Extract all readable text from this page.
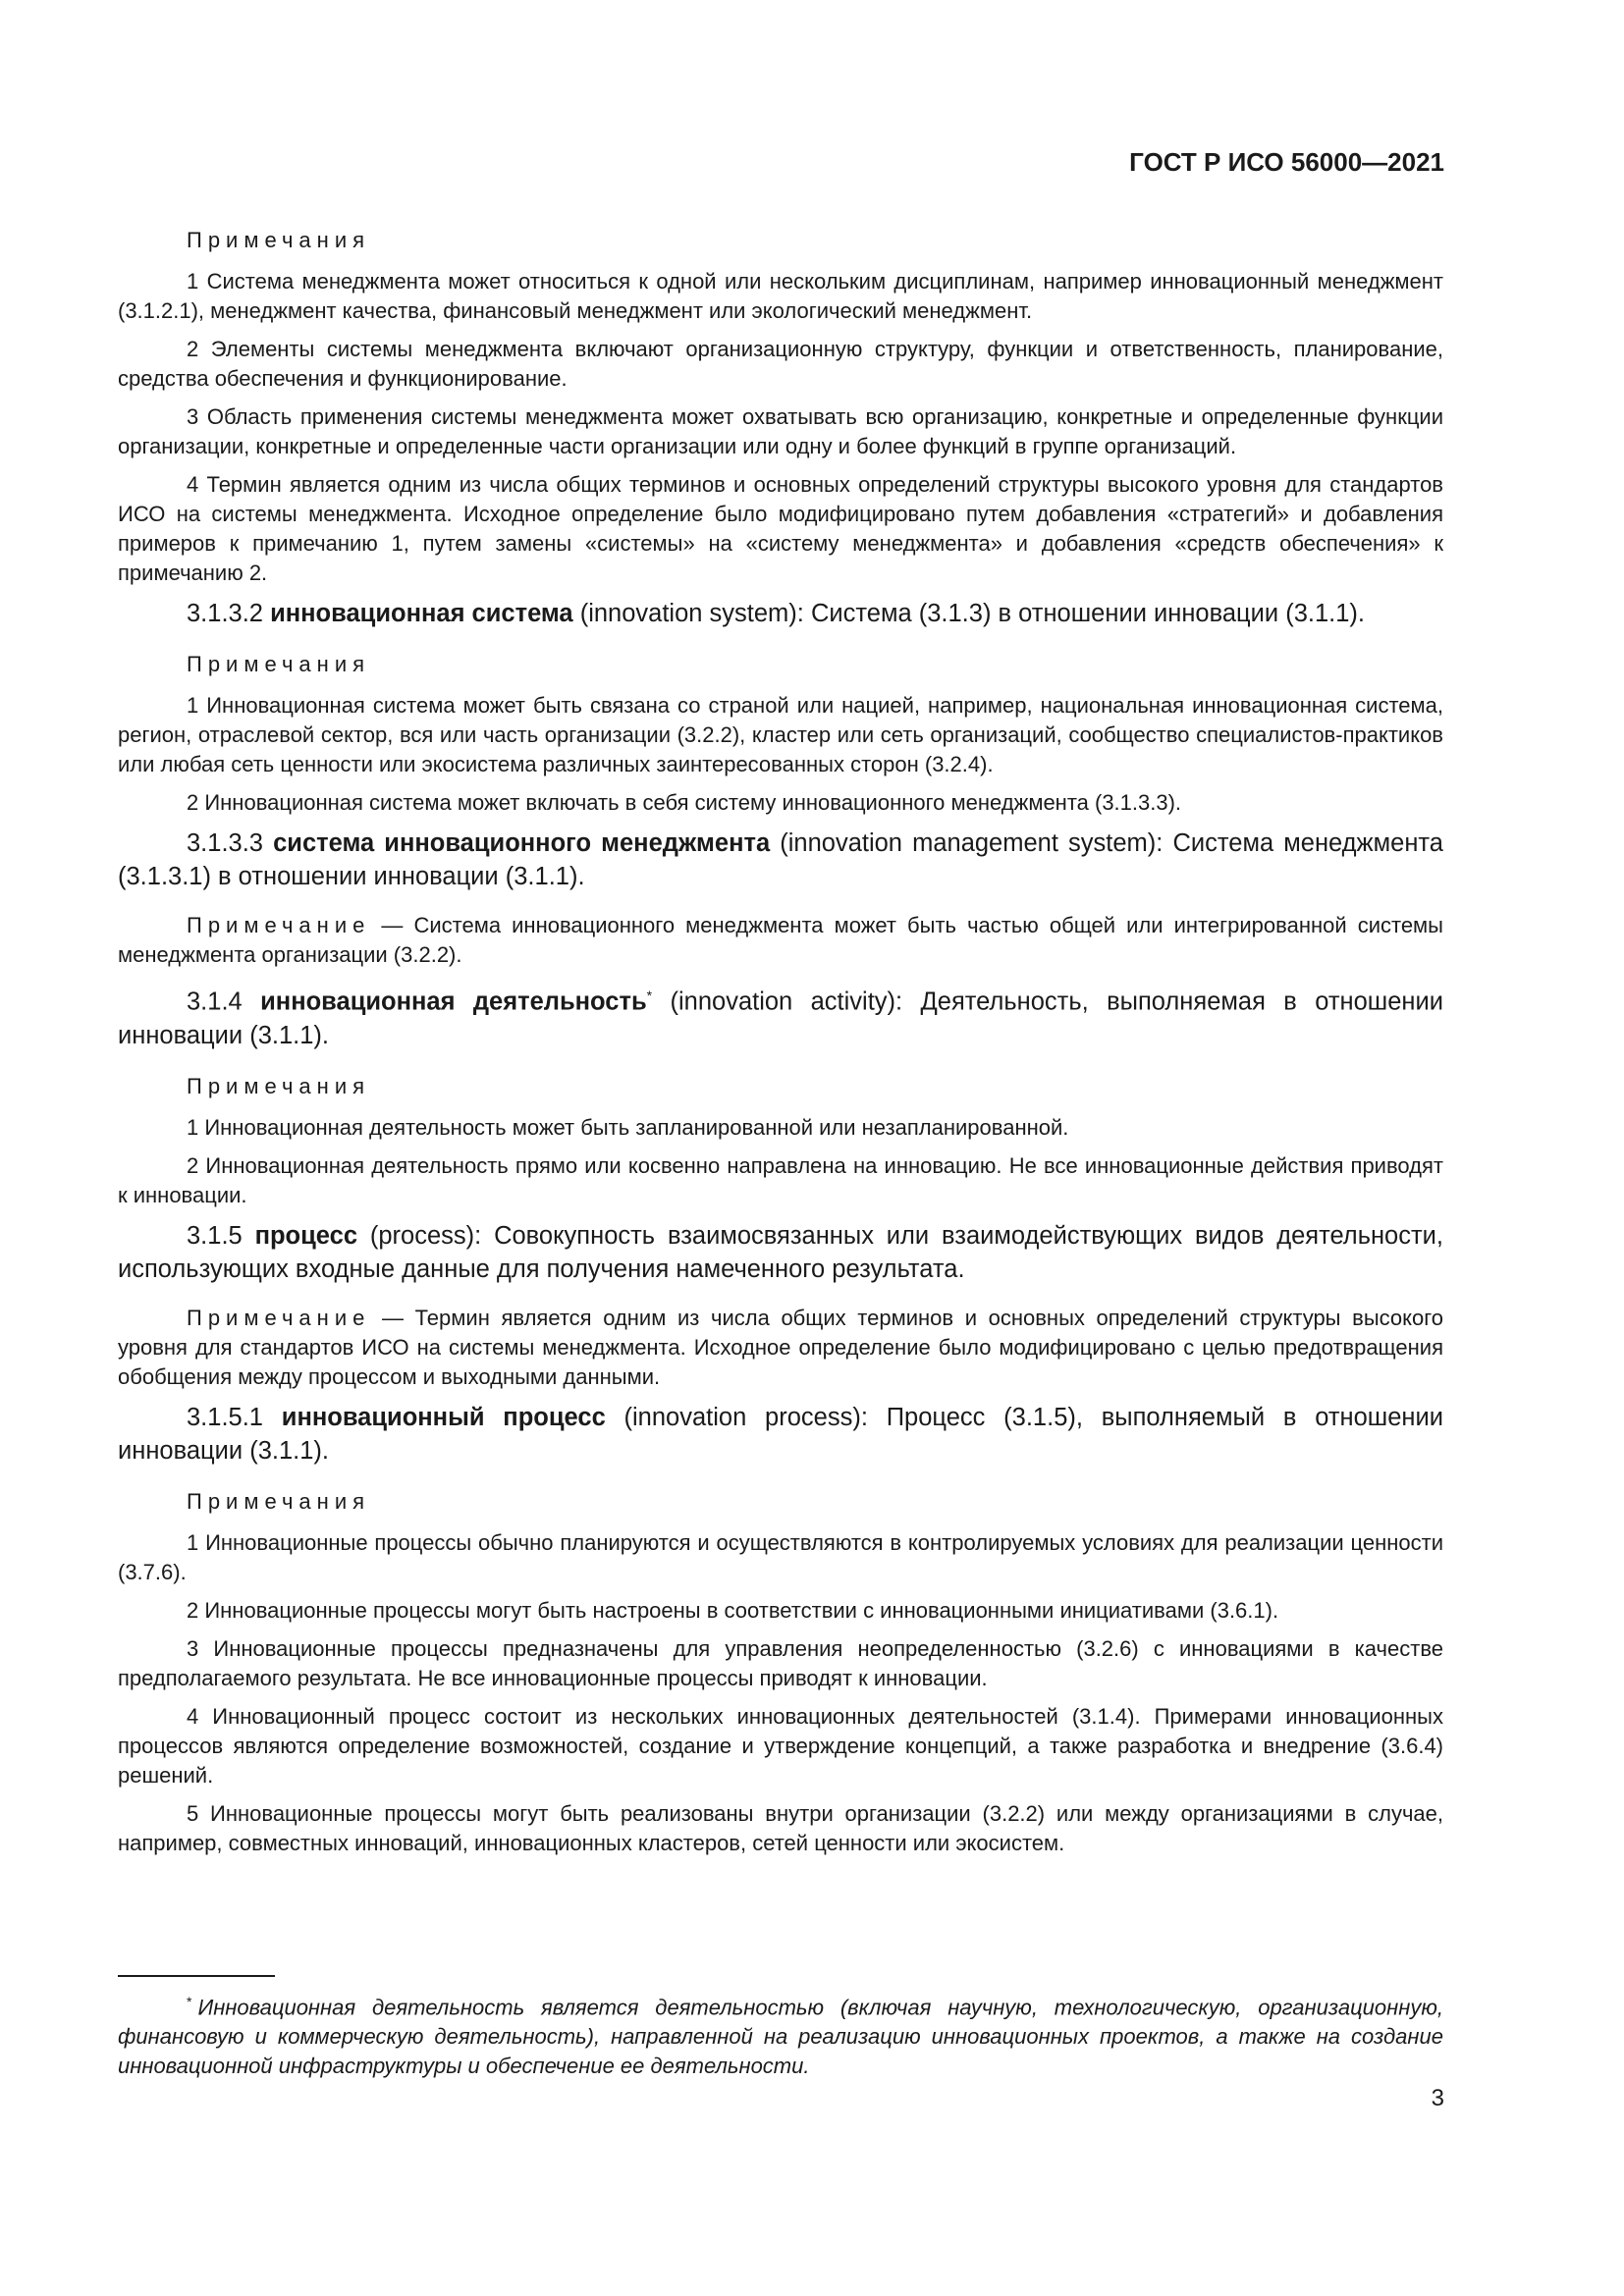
ГОСТ Р ИСО 56000—2021

Примечания

1 Система менеджмента может относиться к одной или нескольким дисциплинам, например инновационный менеджмент (3.1.2.1), менеджмент качества, финансовый менеджмент или экологический менеджмент.

2 Элементы системы менеджмента включают организационную структуру, функции и ответственность, планирование, средства обеспечения и функционирование.

3 Область применения системы менеджмента может охватывать всю организацию, конкретные и определенные функции организации, конкретные и определенные части организации или одну и более функций в группе организаций.

4 Термин является одним из числа общих терминов и основных определений структуры высокого уровня для стандартов ИСО на системы менеджмента. Исходное определение было модифицировано путем добавления «стратегий» и добавления примеров к примечанию 1, путем замены «системы» на «систему менеджмента» и добавления «средств обеспечения» к примечанию 2.

3.1.3.2 инновационная система (innovation system): Система (3.1.3) в отношении инновации (3.1.1).

Примечания

1 Инновационная система может быть связана со страной или нацией, например, национальная инновационная система, регион, отраслевой сектор, вся или часть организации (3.2.2), кластер или сеть организаций, сообщество специалистов-практиков или любая сеть ценности или экосистема различных заинтересованных сторон (3.2.4).

2 Инновационная система может включать в себя систему инновационного менеджмента (3.1.3.3).

3.1.3.3 система инновационного менеджмента (innovation management system): Система менеджмента (3.1.3.1) в отношении инновации (3.1.1).

Примечание — Система инновационного менеджмента может быть частью общей или интегрированной системы менеджмента организации (3.2.2).

3.1.4 инновационная деятельность* (innovation activity): Деятельность, выполняемая в отношении инновации (3.1.1).

Примечания

1 Инновационная деятельность может быть запланированной или незапланированной.

2 Инновационная деятельность прямо или косвенно направлена на инновацию. Не все инновационные действия приводят к инновации.

3.1.5 процесс (process): Совокупность взаимосвязанных или взаимодействующих видов деятельности, использующих входные данные для получения намеченного результата.

Примечание — Термин является одним из числа общих терминов и основных определений структуры высокого уровня для стандартов ИСО на системы менеджмента. Исходное определение было модифицировано с целью предотвращения обобщения между процессом и выходными данными.

3.1.5.1 инновационный процесс (innovation process): Процесс (3.1.5), выполняемый в отношении инновации (3.1.1).

Примечания

1 Инновационные процессы обычно планируются и осуществляются в контролируемых условиях для реализации ценности (3.7.6).

2 Инновационные процессы могут быть настроены в соответствии с инновационными инициативами (3.6.1).

3 Инновационные процессы предназначены для управления неопределенностью (3.2.6) с инновациями в качестве предполагаемого результата. Не все инновационные процессы приводят к инновации.

4 Инновационный процесс состоит из нескольких инновационных деятельностей (3.1.4). Примерами инновационных процессов являются определение возможностей, создание и утверждение концепций, а также разработка и внедрение (3.6.4) решений.

5 Инновационные процессы могут быть реализованы внутри организации (3.2.2) или между организациями в случае, например, совместных инноваций, инновационных кластеров, сетей ценности или экосистем.

* Инновационная деятельность является деятельностью (включая научную, технологическую, организационную, финансовую и коммерческую деятельность), направленной на реализацию инновационных проектов, а также на создание инновационной инфраструктуры и обеспечение ее деятельности.
3
